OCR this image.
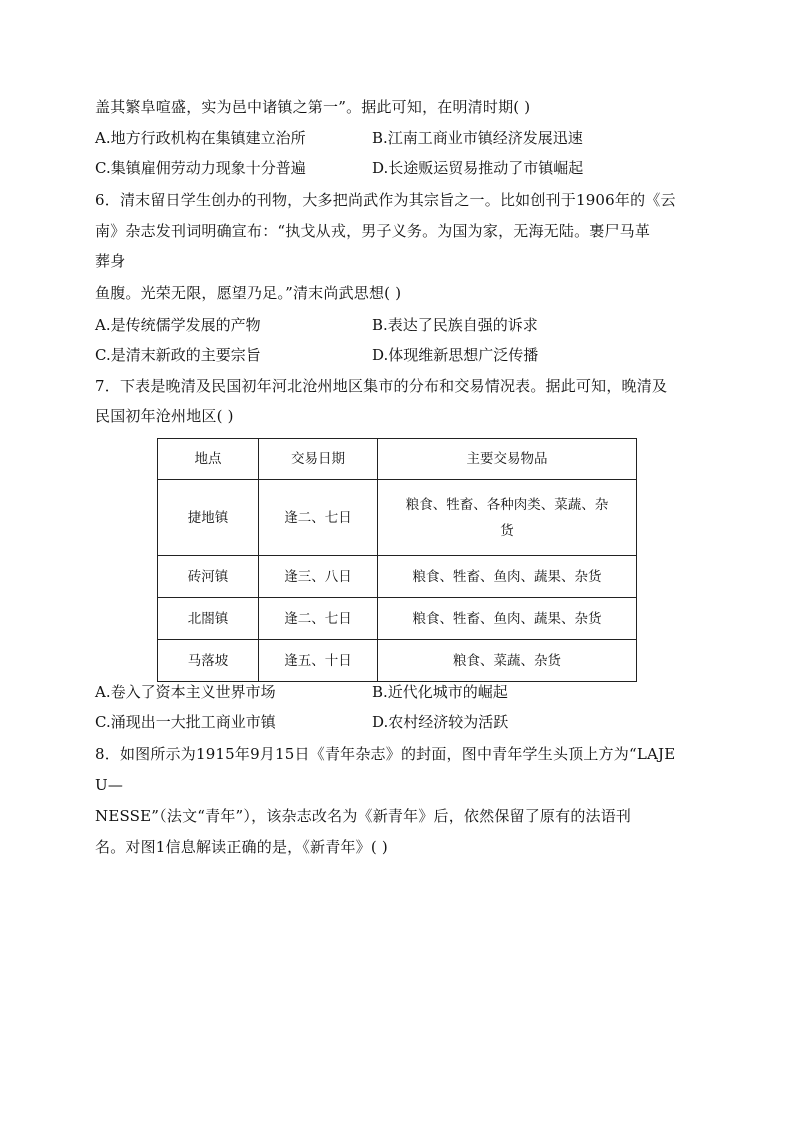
盖其繁阜喧盛，实为邑中诸镇之第一”。据此可知，在明清时期( )
A.地方行政机构在集镇建立治所	B.江南工商业市镇经济发展迅速
C.集镇雇佣劳动力现象十分普遍	D.长途贩运贸易推动了市镇崛起
6．清末留日学生创办的刊物，大多把尚武作为其宗旨之一。比如创刊于1906年的《云
南》杂志发刊词明确宣布：“执戈从戎，男子义务。为国为家，无海无陆。裹尸马革
葬身
鱼腹。光荣无限，愿望乃足。”清末尚武思想( )
A.是传统儒学发展的产物	B.表达了民族自强的诉求
C.是清末新政的主要宗旨	D.体现维新思想广泛传播
7．下表是晚清及民国初年河北沧州地区集市的分布和交易情况表。据此可知，晚清及
民国初年沧州地区( )
地点	交易日期	主要交易物品
捷地镇	逢二、七日	粮食、牲畜、各种肉类、菜蔬、杂
货

砖河镇	逢三、八日	粮食、牲畜、鱼肉、蔬果、杂货
北閤镇	逢二、七日	粮食、牲畜、鱼肉、蔬果、杂货
马落坡	逢五、十日	粮食、菜蔬、杂货
A.卷入了资本主义世界市场	B.近代化城市的崛起
C.涌现出一大批工商业市镇	D.农村经济较为活跃
8．如图所示为1915年9月15日《青年杂志》的封面，图中青年学生头顶上方为“LAJE
U—
NESSE”（法文“青年”），该杂志改名为《新青年》后，依然保留了原有的法语刊
名。对图1信息解读正确的是，《新青年》( )
